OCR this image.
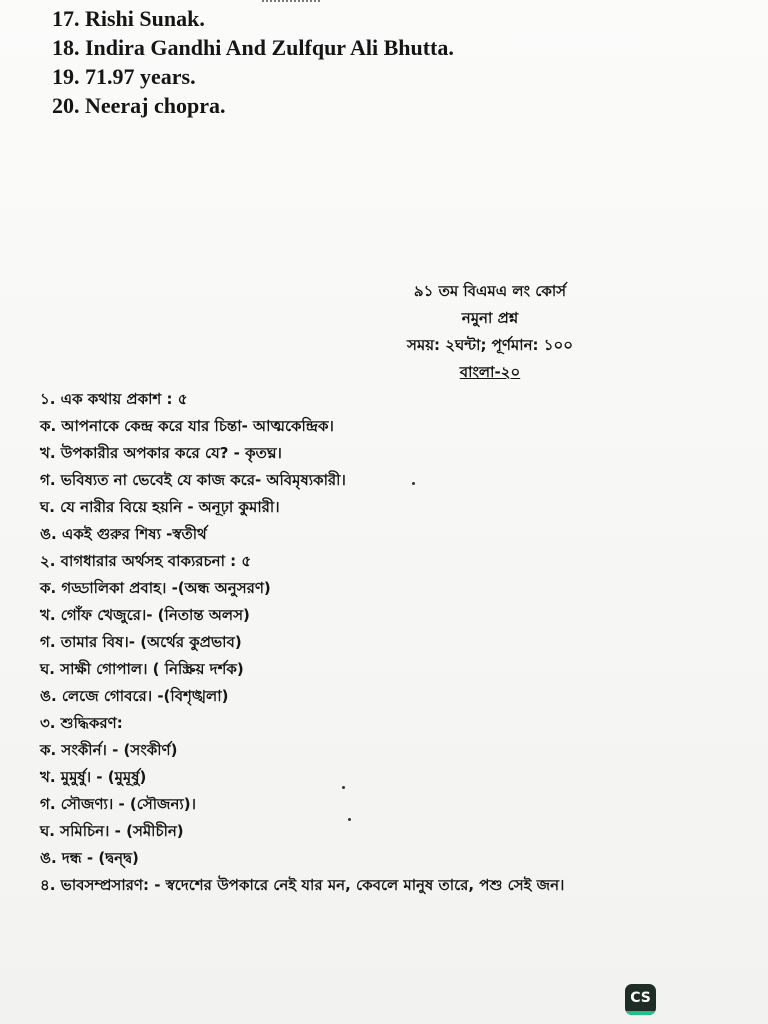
17. Rishi Sunak.
18. Indira Gandhi And Zulfqur Ali Bhutta.
19. 71.97 years.
20. Neeraj chopra.
৯১ তম বিএমএ লং কোর্স
নমুনা প্রশ্ন
সময়: ২ঘন্টা; পূর্ণমান: ১০০
বাংলা-২০
১. এক কথায় প্রকাশ : ৫
ক. আপনাকে কেন্দ্র করে যার চিন্তা- আত্মকেন্দ্রিক।
খ. উপকারীর অপকার করে যে? - কৃতঘ্ন।
গ. ভবিষ্যত না ভেবেই যে কাজ করে- অবিমৃষ্যকারী।
ঘ. যে নারীর বিয়ে হয়নি - অনূঢ়া কুমারী।
ঙ. একই গুরুর শিষ্য -স্বতীর্থ
২. বাগধারার অর্থসহ বাক্যরচনা : ৫
ক. গড্ডালিকা প্রবাহ। -(অন্ধ অনুসরণ)
খ. গোঁফ খেজুরে।- (নিতান্ত অলস)
গ. তামার বিষ।- (অর্থের কুপ্রভাব)
ঘ. সাক্ষী গোপাল। ( নিস্ক্রিয় দর্শক)
ঙ. লেজে গোবরে। -(বিশৃঙ্খলা)
৩. শুদ্ধিকরণ:
ক. সংকীর্ন। - (সংকীর্ণ)
খ. মুমুর্ষু। - (মুমূর্ষু)
গ. সৌজণ্য। - (সৌজন্য)।
ঘ. সমিচিন। - (সমীচীন)
ঙ. দন্ধ - (দ্বন্দ্ব)
৪. ভাবসম্প্রসারণ: - স্বদেশের উপকারে নেই যার মন, কেবলে মানুষ তারে, পশু সেই জন।
CS
